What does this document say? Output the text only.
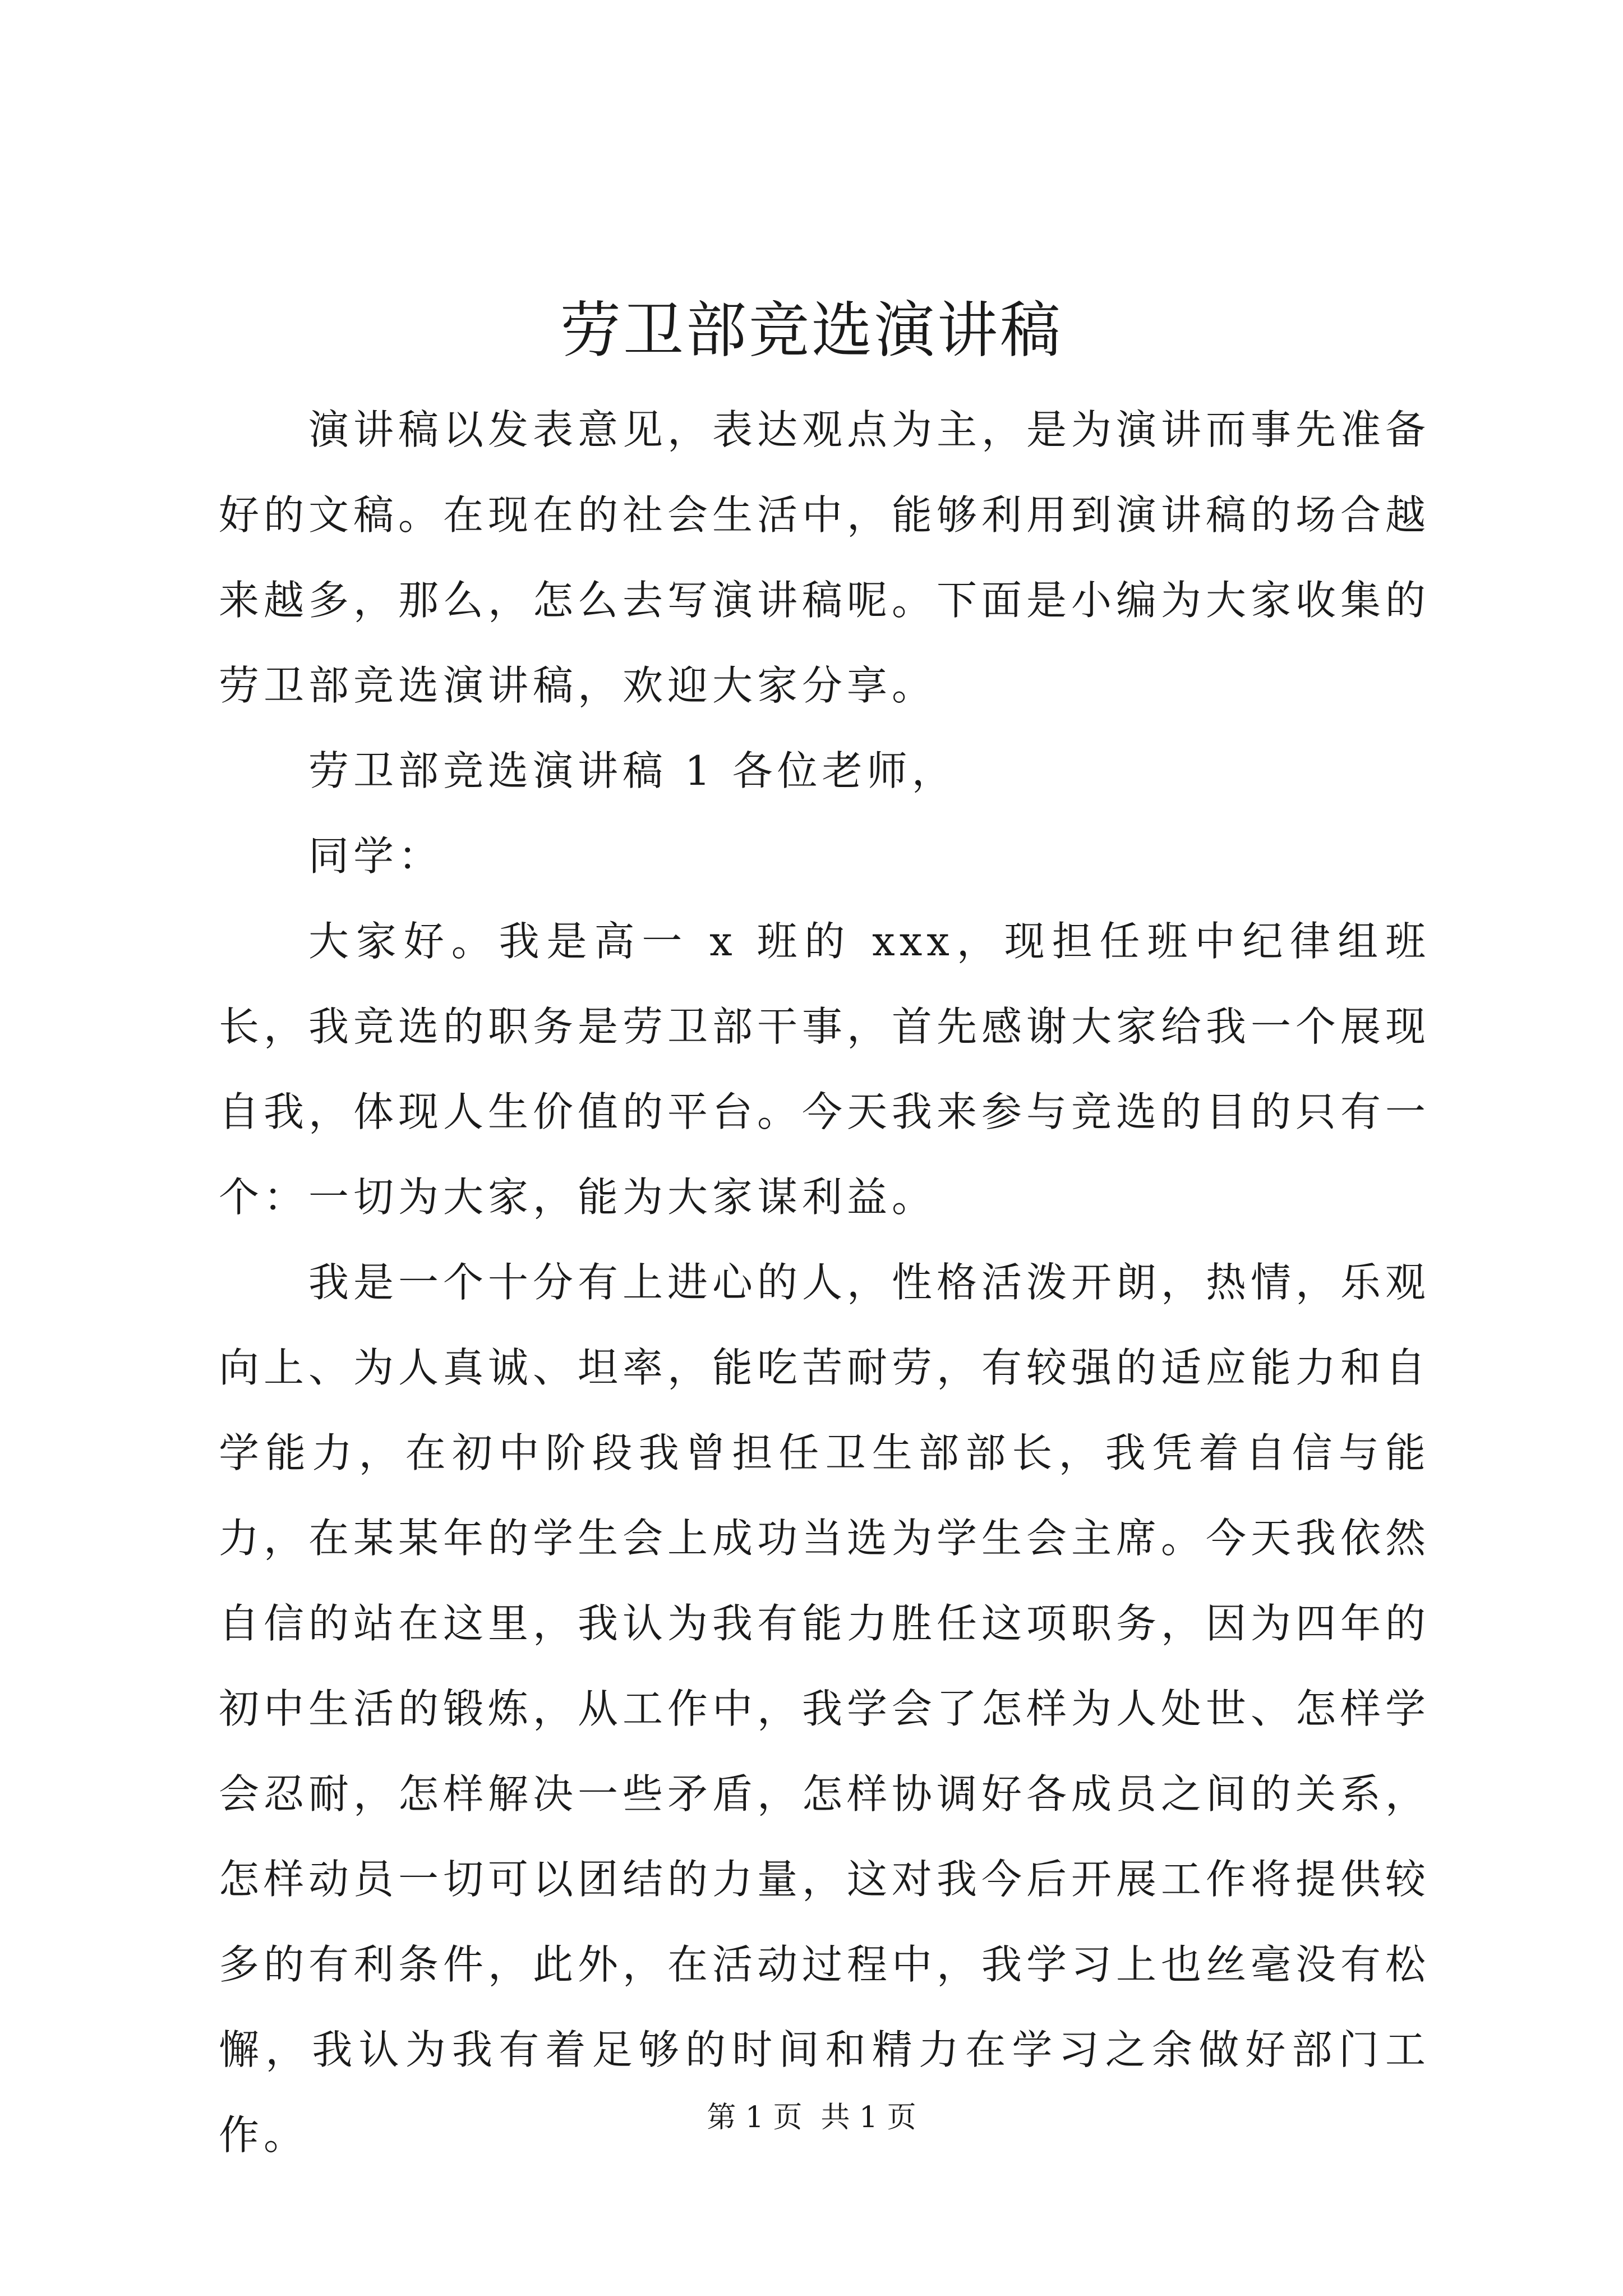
劳卫部竞选演讲稿

演讲稿以发表意见，表达观点为主，是为演讲而事先准备好的文稿。在现在的社会生活中，能够利用到演讲稿的场合越来越多，那么，怎么去写演讲稿呢。下面是小编为大家收集的劳卫部竞选演讲稿，欢迎大家分享。

劳卫部竞选演讲稿 1 各位老师，

同学：

大家好。我是高一 x 班的 xxx，现担任班中纪律组班长，我竞选的职务是劳卫部干事，首先感谢大家给我一个展现自我，体现人生价值的平台。今天我来参与竞选的目的只有一个：一切为大家，能为大家谋利益。

我是一个十分有上进心的人，性格活泼开朗，热情，乐观向上、为人真诚、坦率，能吃苦耐劳，有较强的适应能力和自学能力，在初中阶段我曾担任卫生部部长，我凭着自信与能力，在某某年的学生会上成功当选为学生会主席。今天我依然自信的站在这里，我认为我有能力胜任这项职务，因为四年的初中生活的锻炼，从工作中，我学会了怎样为人处世、怎样学会忍耐，怎样解决一些矛盾，怎样协调好各成员之间的关系，怎样动员一切可以团结的力量，这对我今后开展工作将提供较多的有利条件，此外，在活动过程中，我学习上也丝毫没有松懈，我认为我有着足够的时间和精力在学习之余做好部门工作。	第 1 页  共 1 页
